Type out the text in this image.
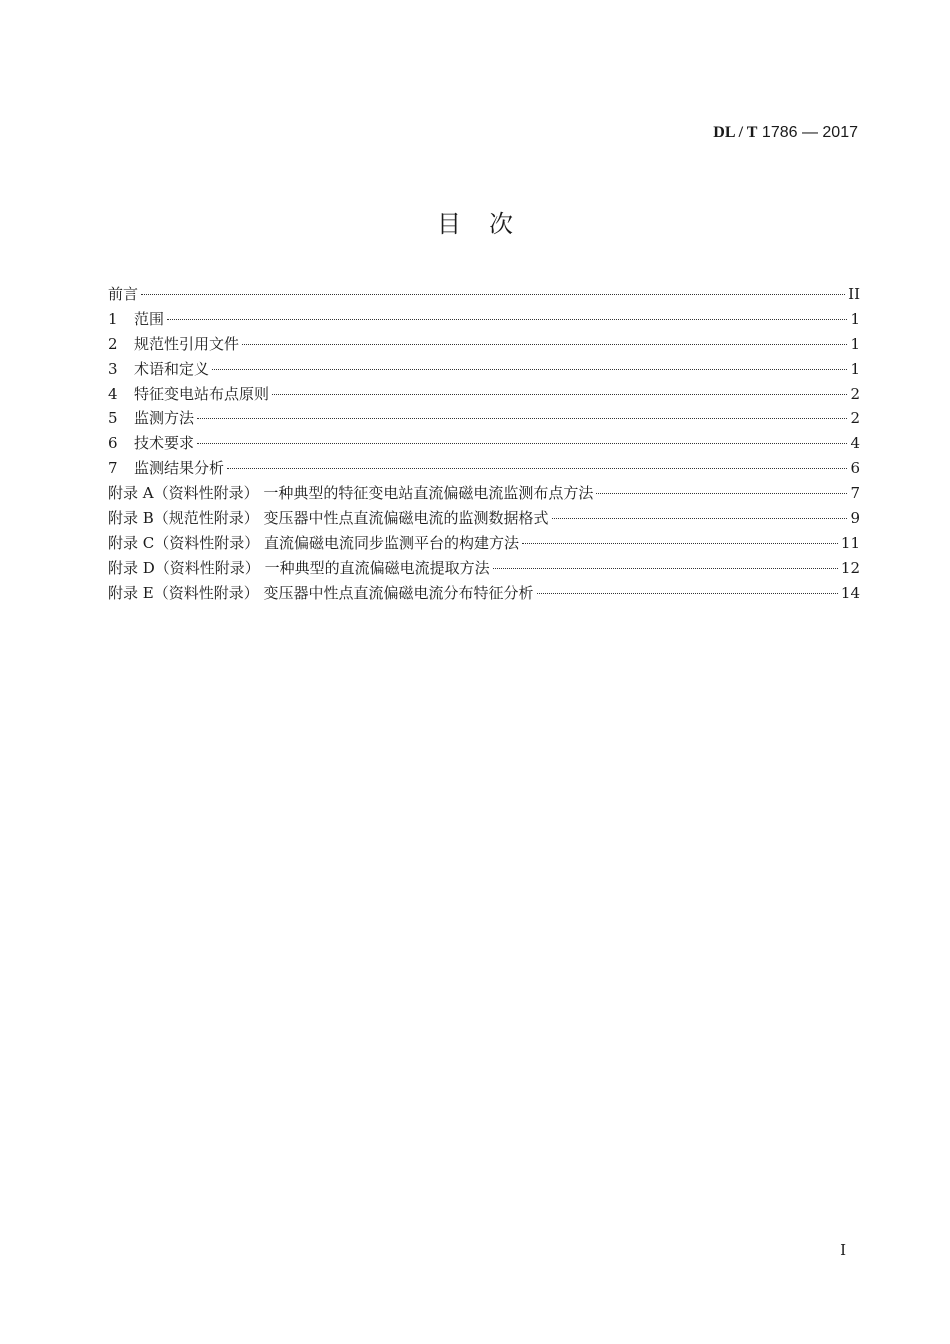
DL / T 1786 — 2017
目次
前言	II
1 范围	1
2 规范性引用文件	1
3 术语和定义	1
4 特征变电站布点原则	2
5 监测方法	2
6 技术要求	4
7 监测结果分析	6
附录 A（资料性附录） 一种典型的特征变电站直流偏磁电流监测布点方法	7
附录 B（规范性附录） 变压器中性点直流偏磁电流的监测数据格式	9
附录 C（资料性附录） 直流偏磁电流同步监测平台的构建方法	11
附录 D（资料性附录） 一种典型的直流偏磁电流提取方法	12
附录 E（资料性附录） 变压器中性点直流偏磁电流分布特征分析	14
I
